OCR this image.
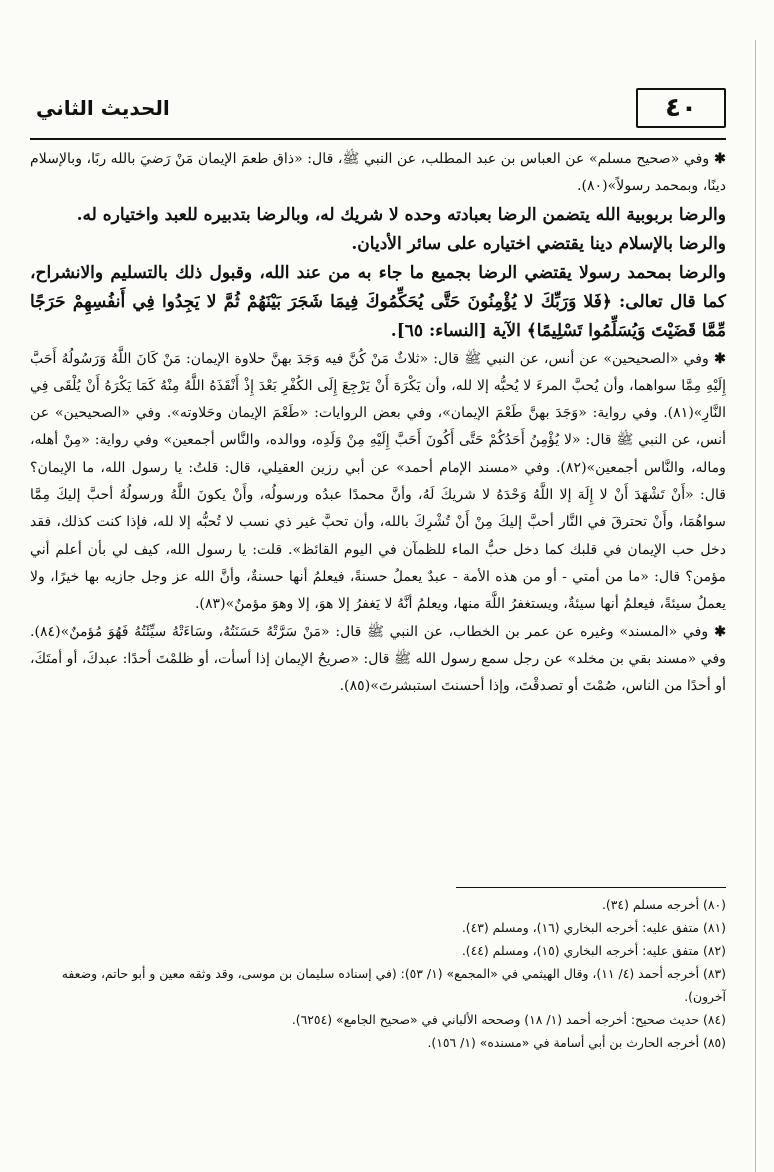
٤٠
الحديث الثاني

✱ وفي «صحيح مسلم» عن العباس بن عبد المطلب، عن النبي ﷺ، قال: «ذاق طعمَ الإيمان مَنْ رَضيَ بالله ربًا، وبالإسلام دينًا، وبمحمد رسولاً»(٨٠).

والرضا بربوبية الله يتضمن الرضا بعبادته وحده لا شريك له، وبالرضا بتدبيره للعبد واختياره له.

والرضا بالإسلام دينا يقتضي اختياره على سائر الأديان.

والرضا بمحمد رسولا يقتضي الرضا بجميع ما جاء به من عند الله، وقبول ذلك بالتسليم والانشراح، كما قال تعالى: ﴿فَلا وَرَبِّكَ لا يُؤْمِنُونَ حَتَّى يُحَكِّمُوكَ فِيمَا شَجَرَ بَيْنَهُمْ ثُمَّ لا يَجِدُوا فِي أَنفُسِهِمْ حَرَجًا مِّمَّا قَضَيْتَ وَيُسَلِّمُوا تَسْلِيمًا﴾ الآية [النساء: ٦٥].

✱ وفي «الصحيحين» عن أنس، عن النبي ﷺ قال: «ثلاثٌ مَنْ كُنَّ فيه وَجَدَ بهنَّ حلاوة الإيمان: مَنْ كَانَ اللَّهُ وَرَسُولُهُ أَحَبَّ إِلَيْهِ مِمَّا سواهما، وأن يُحبَّ المرءَ لا يُحبُّه إلا لله، وأن يَكْرَهَ أَنْ يَرْجِعَ إِلَى الكُفْرِ بَعْدَ إِذْ أَنْقَذَهُ اللَّهُ مِنْهُ كَمَا يَكْرَهُ أَنْ يُلْقَى فِي النَّارِ»(٨١). وفي رواية: «وَجَدَ بهنَّ طَعْمَ الإيمان»، وفي بعض الروايات: «طَعْمَ الإيمان وحَلاوته». وفي «الصحيحين» عن أنس، عن النبي ﷺ قال: «لا يُؤْمِنُ أَحَدُكُمْ حَتَّى أَكُونَ أَحَبَّ إِلَيْهِ مِنْ وَلَدِه، ووالده، والنَّاس أجمعين» وفي رواية: «مِنْ أهله، وماله، والنَّاس أجمعين»(٨٢). وفي «مسند الإمام أحمد» عن أبي رزين العقيلي، قال: قلتُ: يا رسول الله، ما الإيمان؟ قال: «أَنْ تَشْهَدَ أَنْ لا إِلَهَ إلا اللَّهُ وَحْدَهُ لا شريكَ لَهُ، وأنَّ محمدًا عبدُه ورسولُه، وأَنْ يكونَ اللَّهُ ورسولُهُ أحبَّ إليكَ مِمَّا سواهُمَا، وأَنْ تحترقَ في النَّار أحبَّ إليكَ مِنْ أَنْ تُشْرِكَ بالله، وأن تحبَّ غير ذي نسب لا تُحبُّه إلا لله، فإذا كنت كذلك، فقد دخل حب الإيمان في قلبك كما دخل حبُّ الماء للظمآن في اليوم القائظ». قلت: يا رسول الله، كيف لي بأن أعلم أني مؤمن؟ قال: «ما من أمتي - أو من هذه الأمة - عبدٌ يعملُ حسنةً، فيعلمُ أنها حسنةٌ، وأنَّ الله عز وجل جازيه بها خيرًا، ولا يعملُ سيئةً، فيعلمُ أنها سيئةٌ، ويستغفرُ اللَّهَ منها، ويعلمُ أنَّهُ لا يَغفرُ إلا هوَ، إلا وهوَ مؤمنٌ»(٨٣).

✱ وفي «المسند» وغيره عن عمر بن الخطاب، عن النبي ﷺ قال: «مَنْ سَرَّتْهُ حَسَنَتُهُ، وسَاءَتْهُ سيِّئَتُهُ فَهُوَ مُؤمنٌ»(٨٤). وفي «مسند بقي بن مخلد» عن رجل سمع رسول الله ﷺ قال: «صريحُ الإيمان إذا أسأت، أو ظلمْتَ أحدًا: عبدكَ، أو أمتَكَ، أو أحدًا من الناس، صُمْتَ أو تصدقْتَ، وإذا أحسنتَ استبشرتَ»(٨٥).

(٨٠) أخرجه مسلم (٣٤).
(٨١) متفق عليه: أخرجه البخاري (١٦)، ومسلم (٤٣).
(٨٢) متفق عليه: أخرجه البخاري (١٥)، ومسلم (٤٤).
(٨٣) أخرجه أحمد (٤/ ١١)، وقال الهيثمي في «المجمع» (١/ ٥٣): (في إسناده سليمان بن موسى، وقد وثقه معين و أبو حاتم، وضعفه آخرون).
(٨٤) حديث صحيح: أخرجه أحمد (١/ ١٨) وصححه الألباني في «صحيح الجامع» (٦٢٥٤).
(٨٥) أخرجه الحارث بن أبي أسامة في «مسنده» (١/ ١٥٦).
